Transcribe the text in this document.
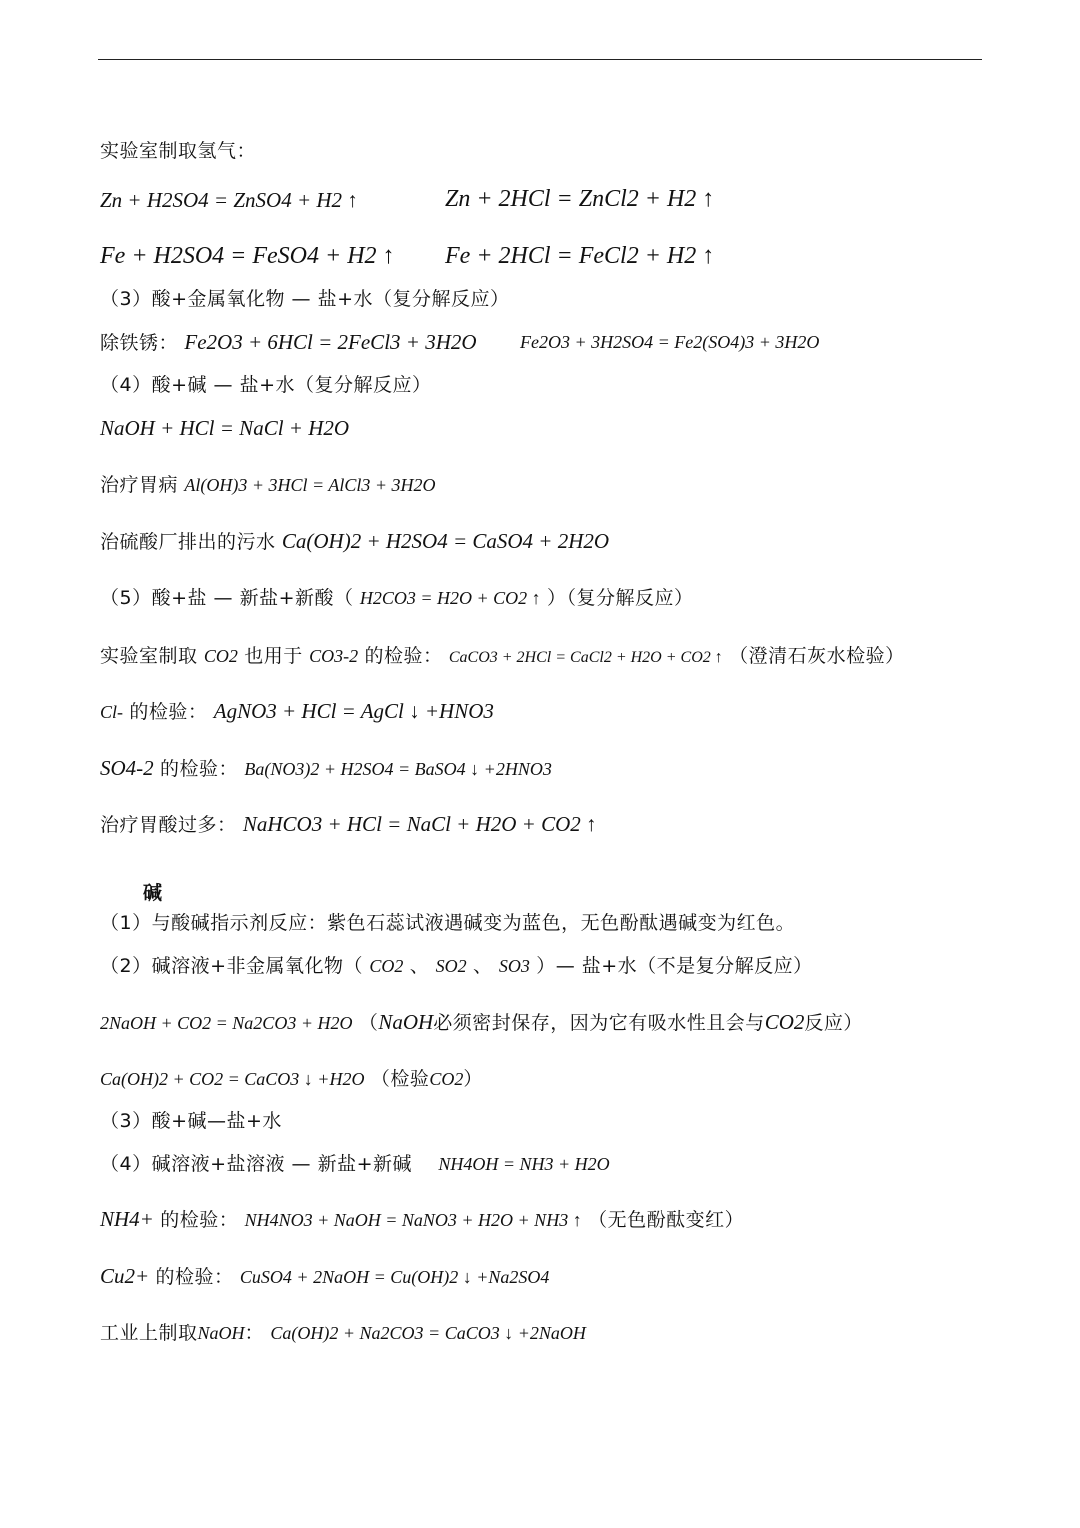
实验室制取氢气：
Zn + H2SO4 = ZnSO4 + H2 ↑	Zn + 2HCl = ZnCl2 + H2 ↑
Fe + H2SO4 = FeSO4 + H2 ↑ Fe + 2HCl = FeCl2 + H2 ↑
（3）酸+金属氧化物 — 盐+水（复分解反应）
除铁锈： Fe2O3 + 6HCl = 2FeCl3 + 3H2O Fe2O3 + 3H2SO4 = Fe2(SO4)3 + 3H2O
（4）酸+碱 — 盐+水（复分解反应）
NaOH + HCl = NaCl + H2O
治疗胃病 Al(OH)3 + 3HCl = AlCl3 + 3H2O
治硫酸厂排出的污水 Ca(OH)2 + H2SO4 = CaSO4 + 2H2O
（5）酸+盐 — 新盐+新酸（ H2CO3 = H2O + CO2 ↑ ）（复分解反应）
实验室制取 CO2 也用于 CO3-2 的检验： CaCO3 + 2HCl = CaCl2 + H2O + CO2 ↑ （澄清石灰水检验）
Cl- 的检验： AgNO3 + HCl = AgCl ↓ +HNO3
SO4-2 的检验： Ba(NO3)2 + H2SO4 = BaSO4 ↓ +2HNO3
治疗胃酸过多： NaHCO3 + HCl = NaCl + H2O + CO2 ↑
碱
（1）与酸碱指示剂反应：紫色石蕊试液遇碱变为蓝色，无色酚酞遇碱变为红色。
（2）碱溶液+非金属氧化物（ CO2 、 SO2 、 SO3 ）— 盐+水（不是复分解反应）
2NaOH + CO2 = Na2CO3 + H2O （NaOH必须密封保存，因为它有吸水性且会与CO2反应）
Ca(OH)2 + CO2 = CaCO3 ↓ +H2O （检验CO2）
（3）酸+碱—盐+水
（4）碱溶液+盐溶液 — 新盐+新碱 NH4OH = NH3 + H2O
NH4+ 的检验： NH4NO3 + NaOH = NaNO3 + H2O + NH3 ↑ （无色酚酞变红）
Cu2+ 的检验： CuSO4 + 2NaOH = Cu(OH)2 ↓ +Na2SO4
工业上制取NaOH： Ca(OH)2 + Na2CO3 = CaCO3 ↓ +2NaOH
